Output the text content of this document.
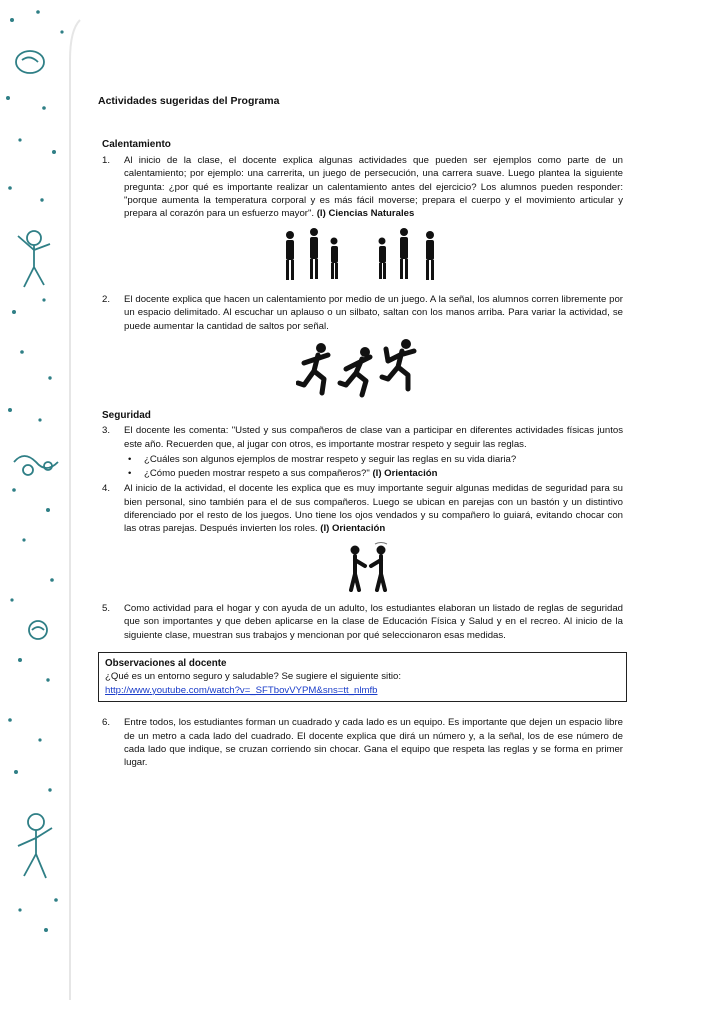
Actividades sugeridas del Programa
Calentamiento
1.	Al inicio de la clase, el docente explica algunas actividades que pueden ser ejemplos como parte de un calentamiento; por ejemplo: una carrerita, un juego de persecución, una carrera suave. Luego plantea la siguiente pregunta: ¿por qué es importante realizar un calentamiento antes del ejercicio? Los alumnos pueden responder: "porque aumenta la temperatura corporal y es más fácil moverse; prepara el cuerpo y el movimiento articular y prepara al corazón para un esfuerzo mayor". (I) Ciencias Naturales
2.	El docente explica que hacen un calentamiento por medio de un juego. A la señal, los alumnos corren libremente por un espacio delimitado. Al escuchar un aplauso o un silbato, saltan con los manos arriba. Para variar la actividad, se puede aumentar la cantidad de saltos por señal.
Seguridad
3.	El docente les comenta: "Usted y sus compañeros de clase van a participar en diferentes actividades físicas juntos este año. Recuerden que, al jugar con otros, es importante mostrar respeto y seguir las reglas.
•	¿Cuáles son algunos ejemplos de mostrar respeto y seguir las reglas en su vida diaria?
•	¿Cómo pueden mostrar respeto a sus compañeros?" (I) Orientación
4.	Al inicio de la actividad, el docente les explica que es muy importante seguir algunas medidas de seguridad para su bien personal, sino también para el de sus compañeros. Luego se ubican en parejas con un bastón y un distintivo diferenciado por el resto de los juegos. Uno tiene los ojos vendados y su compañero lo guiará, evitando chocar con las otras parejas. Después invierten los roles. (I) Orientación
5.	Como actividad para el hogar y con ayuda de un adulto, los estudiantes elaboran un listado de reglas de seguridad que son importantes y que deben aplicarse en la clase de Educación Física y Salud y en el recreo. Al inicio de la siguiente clase, muestran sus trabajos y mencionan por qué seleccionaron esas medidas.
Observaciones al docente
¿Qué es un entorno seguro y saludable? Se sugiere el siguiente sitio:
http://www.youtube.com/watch?v=_SFTbovVYPM&sns=tt_nlmfb
6.	Entre todos, los estudiantes forman un cuadrado y cada lado es un equipo. Es importante que dejen un espacio libre de un metro a cada lado del cuadrado. El docente explica que dirá un número y, a la señal, los de ese número de cada lado que indique, se cruzan corriendo sin chocar. Gana el equipo que respeta las reglas y se forma en primer lugar.
